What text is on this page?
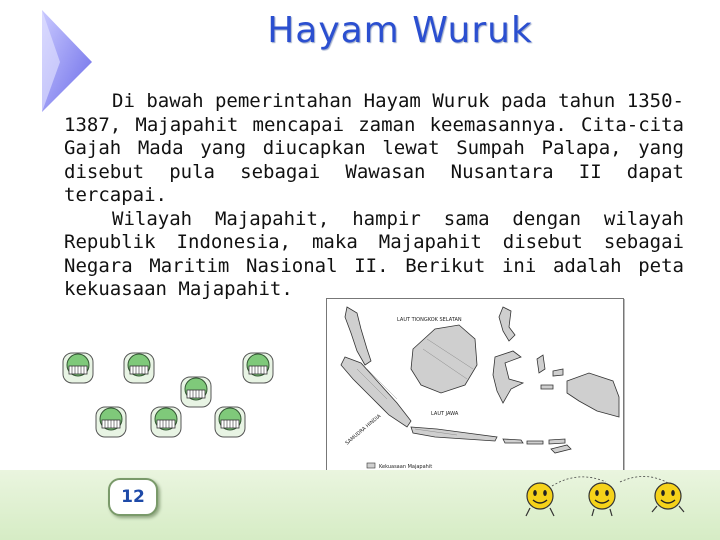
Hayam Wuruk

Di bawah pemerintahan Hayam Wuruk pada tahun 1350-1387, Majapahit mencapai zaman keemasannya. Cita-cita Gajah Mada yang diucapkan lewat Sumpah Palapa, yang disebut pula sebagai Wawasan Nusantara II dapat tercapai.

Wilayah Majapahit, hampir sama dengan wilayah Republik Indonesia, maka Majapahit disebut sebagai Negara Maritim Nasional II. Berikut ini adalah peta kekuasaan Majapahit.

LAUT TIONGKOK SELATAN
LAUT JAWA
SAMUDRA HINDIA
Kekuasaan Majapahit
12
